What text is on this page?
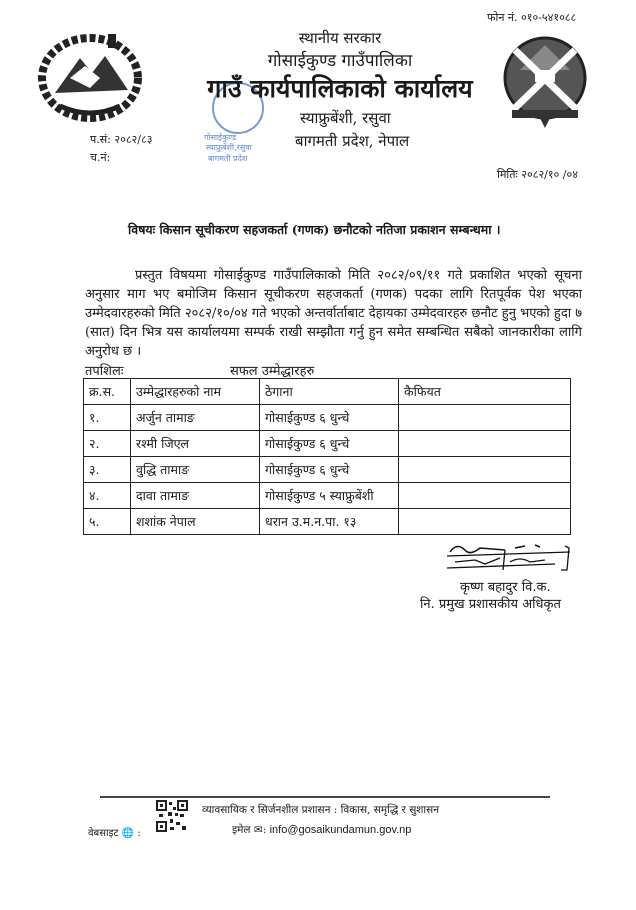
गोसाईकुण्ड
स्याफ्रुबेंशी,रसुवा
बागमती प्रदेश
स्थानीय सरकार
गोसाईकुण्ड गाउँपालिका
गाउँ कार्यपालिकाको कार्यालय
स्याफ्रुबेंशी, रसुवा
बागमती प्रदेश, नेपाल
फोन नं. ०१०-५४१०८८
प.सं: २०८२/८३
च.नं:
मितिः २०८२/१० /०४
विषयः किसान सूचीकरण सहजकर्ता (गणक) छनौटको नतिजा प्रकाशन सम्बन्धमा ।
प्रस्तुत विषयमा गोसाईकुण्ड गाउँपालिकाको मिति २०८२/०९/११ गते प्रकाशित भएको सूचना अनुसार माग भए बमोजिम किसान सूचीकरण सहजकर्ता (गणक) पदका लागि रितपूर्वक पेश भएका उम्मेदवारहरुको मिति २०८२/१०/०४ गते भएको अन्तर्वार्ताबाट देहायका उम्मेदवारहरु छनौट हुनु भएको हुदा ७ (सात) दिन भित्र यस कार्यालयमा सम्पर्क राखी सम्झौता गर्नु हुन समेत सम्बन्धित सबैको जानकारीका लागि अनुरोध छ ।
तपशिलः	सफल उम्मेद्धारहरु
क्र.स.	उम्मेद्धारहरुको नाम	ठेगाना	कैफियत
१.	अर्जुन तामाङ	गोसाईकुण्ड ६ धुन्चे	
२.	रश्मी जिएल	गोसाईकुण्ड ६ धुन्चे	
३.	वुद्धि तामाङ	गोसाईकुण्ड ६ धुन्चे	
४.	दावा तामाङ	गोसाईकुण्ड ५ स्याफ्रुबेंशी	
५.	शशांक नेपाल	धरान उ.म.न.पा. १३	
कृष्ण बहादुर वि.क.
नि. प्रमुख प्रशासकीय अधिकृत
व्यावसायिक र सिर्जनशील प्रशासन : विकास, समृद्धि र सुशासन
इमेल ✉: info@gosaikundamun.gov.np
वेबसाइट 🌐 :
